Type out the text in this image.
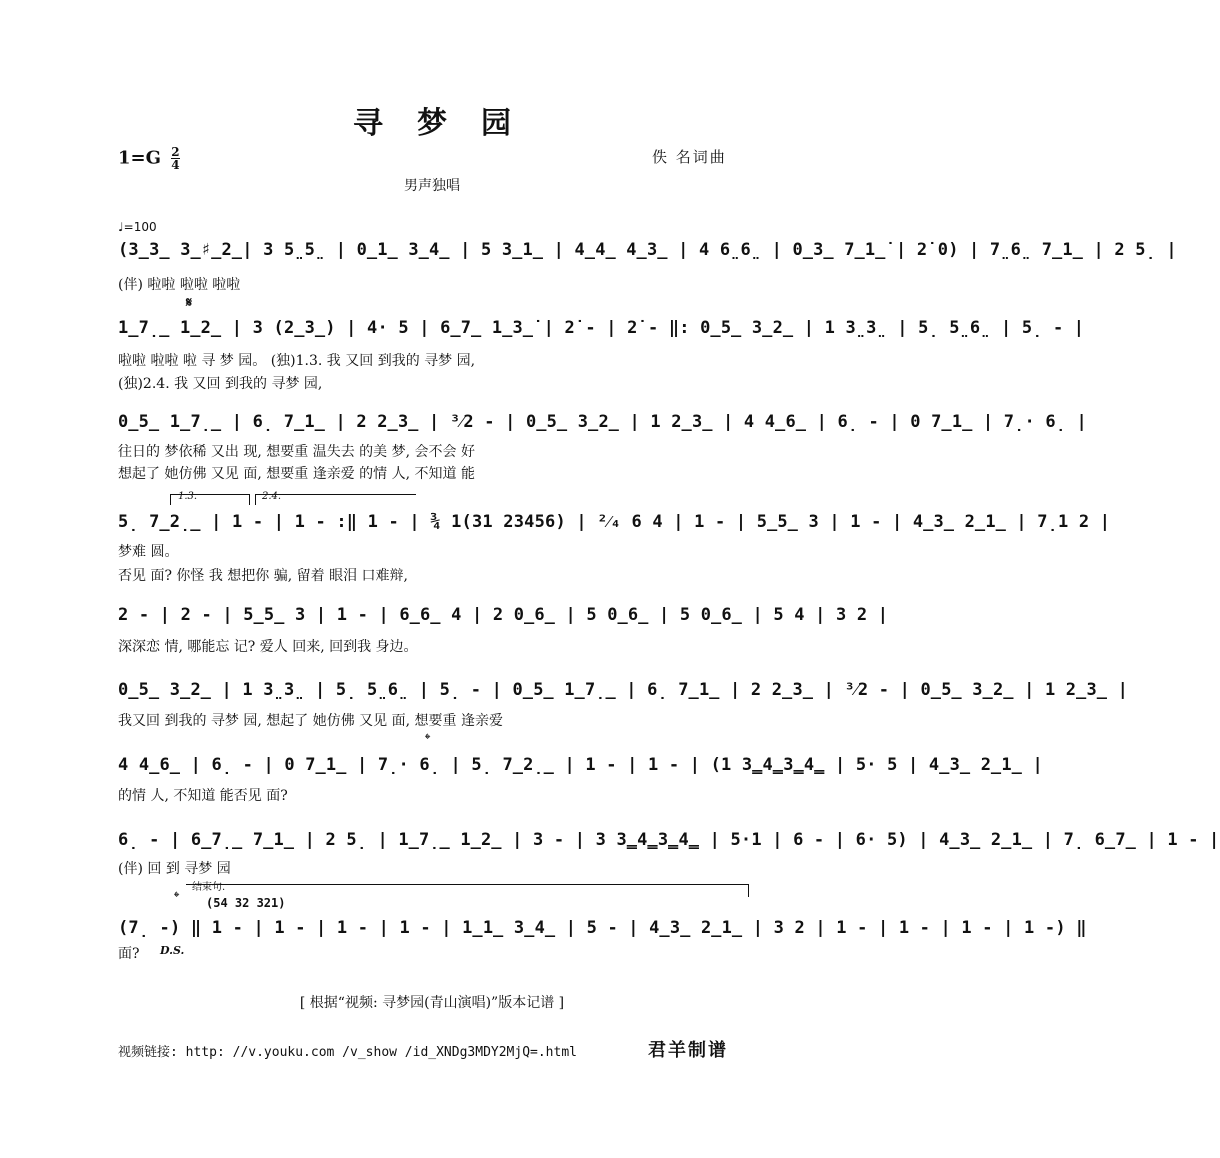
寻梦园
$1=G \frac{2}{4}$	佚 名词曲
男声独唱
♩=100
(3̲3̲ 3̲♯̲2̲| 3 5̤5̤ | 0̲1̲ 3̲4̲ | 5 3̲1̲ | 4̲4̲ 4̲3̲ | 4 6̤6̤ | 0̲3̲ 7̲1̲̇ | 2̇ 0) | 7̤6̤ 7̲1̲ | 2 5̣ |
(伴) 啦啦 啦啦 啦啦
𝄋
1̲7̣̲ 1̲2̲ | 3 (2̲3̲) | 4· 5 | 6̲7̲ 1̲3̲̇ | 2̇ - | 2̇ - ‖: 0̲5̲ 3̲2̲ | 1 3̤3̤ | 5̣ 5̤6̤ | 5̣ - |
啦啦 啦啦 啦 寻 梦 园。 (独)1.3. 我 又回 到我的 寻梦 园,
(独)2.4. 我 又回 到我的 寻梦 园,
0̲5̲ 1̲7̣̲ | 6̣ 7̲1̲ | 2 2̲3̲ | ³⁄2 - | 0̲5̲ 3̲2̲ | 1 2̲3̲ | 4 4̲6̲ | 6̣ - | 0 7̲1̲ | 7̣· 6̣ |
往日的 梦依稀 又出 现, 想要重 温失去 的美 梦, 会不会 好
想起了 她仿佛 又见 面, 想要重 逢亲爱 的情 人, 不知道 能
1.3.	2.4.
5̣ 7̲2̣̲ | 1 - | 1 - :‖ 1 - | ¾ 1(31 23456) | ²⁄₄ 6 4 | 1 - | 5̲5̲ 3 | 1 - | 4̲3̲ 2̲1̲ | 7̣1 2 |
梦难 圆。
否见 面? 你怪 我 想把你 骗, 留着 眼泪 口难辩,
2 - | 2 - | 5̲5̲ 3 | 1 - | 6̲6̲ 4 | 2 0̲6̲ | 5 0̲6̲ | 5 0̲6̲ | 5 4 | 3 2 |
深深恋 情, 哪能忘 记? 爱人 回来, 回到我 身边。
0̲5̲ 3̲2̲ | 1 3̤3̤ | 5̣ 5̤6̤ | 5̣ - | 0̲5̲ 1̲7̣̲ | 6̣ 7̲1̲ | 2 2̲3̲ | ³⁄2 - | 0̲5̲ 3̲2̲ | 1 2̲3̲ |
我又回 到我的 寻梦 园, 想起了 她仿佛 又见 面, 想要重 逢亲爱
𝄌
4 4̲6̲ | 6̣ - | 0 7̲1̲ | 7̣· 6̣ | 5̣ 7̲2̣̲ | 1 - | 1 - | (1 3̳4̳3̳4̳ | 5· 5 | 4̲3̲ 2̲1̲ |
的情 人, 不知道 能否见 面?
6̣ - | 6̲7̣̲ 7̲1̲ | 2 5̣ | 1̲7̣̲ 1̲2̲ | 3 - | 3 3̳4̳3̳4̳ | 5·1 | 6 - | 6· 5) | 4̲3̲ 2̲1̲ | 7̣ 6̲7̲ | 1 - |
(伴) 回 到 寻梦 园
结束句.
𝄌 (54 32 321)
(7̣ -) ‖ 1 - | 1 - | 1 - | 1 - | 1̲1̲ 3̲4̲ | 5 - | 4̲3̲ 2̲1̲ | 3 2 | 1 - | 1 - | 1 - | 1 -) ‖
D.S.
面?
[ 根据“视频: 寻梦园(青山演唱)”版本记谱 ]
视频链接: http: //v.youku.com /v_show /id_XNDg3MDY2MjQ=.html	君羊制谱
